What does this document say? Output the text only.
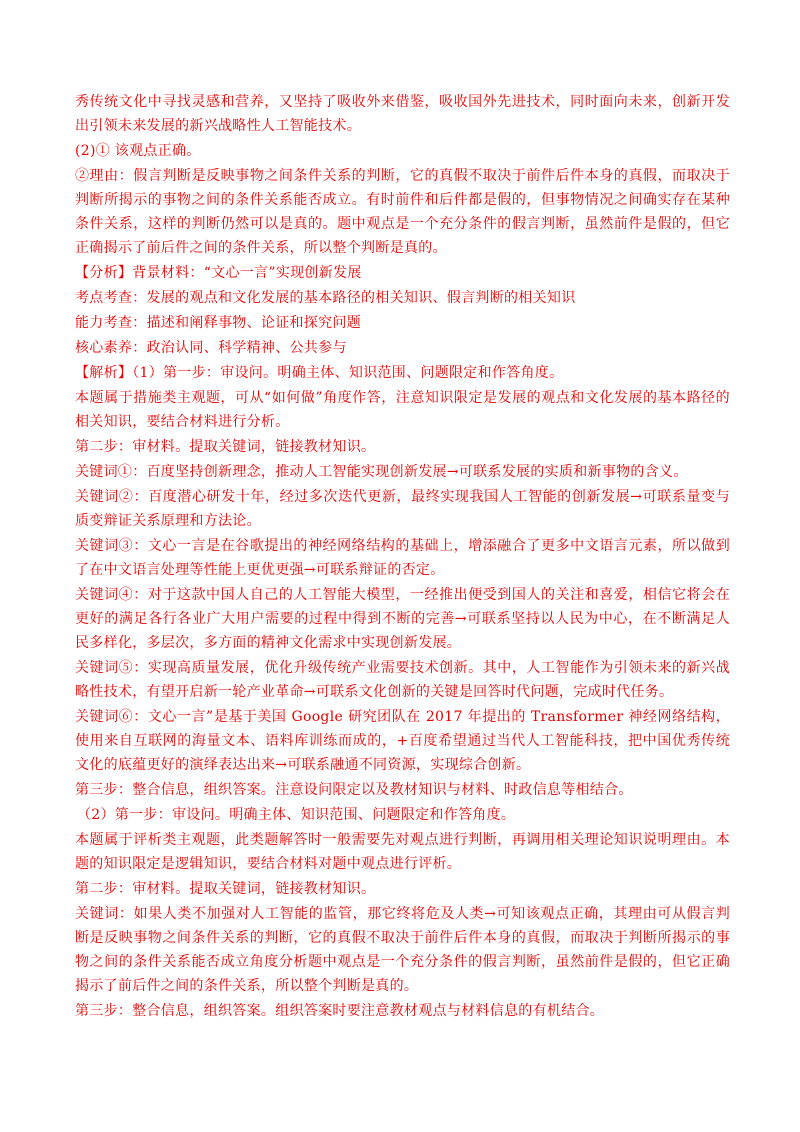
秀传统文化中寻找灵感和营养，又坚持了吸收外来借鉴，吸收国外先进技术，同时面向未来，创新开发出引领未来发展的新兴战略性人工智能技术。

(2)① 该观点正确。

②理由：假言判断是反映事物之间条件关系的判断，它的真假不取决于前件后件本身的真假，而取决于判断所揭示的事物之间的条件关系能否成立。有时前件和后件都是假的，但事物情况之间确实存在某种条件关系，这样的判断仍然可以是真的。题中观点是一个充分条件的假言判断，虽然前件是假的，但它正确揭示了前后件之间的条件关系，所以整个判断是真的。

【分析】背景材料：“文心一言”实现创新发展

考点考查：发展的观点和文化发展的基本路径的相关知识、假言判断的相关知识

能力考查：描述和阐释事物、论证和探究问题

核心素养：政治认同、科学精神、公共参与

【解析】（1）第一步：审设问。明确主体、知识范围、问题限定和作答角度。

本题属于措施类主观题，可从“如何做”角度作答，注意知识限定是发展的观点和文化发展的基本路径的相关知识，要结合材料进行分析。

第二步：审材料。提取关键词，链接教材知识。

关键词①：百度坚持创新理念，推动人工智能实现创新发展→可联系发展的实质和新事物的含义。

关键词②：百度潜心研发十年，经过多次迭代更新，最终实现我国人工智能的创新发展→可联系量变与质变辩证关系原理和方法论。

关键词③：文心一言是在谷歌提出的神经网络结构的基础上，增添融合了更多中文语言元素，所以做到了在中文语言处理等性能上更优更强→可联系辩证的否定。

关键词④：对于这款中国人自己的人工智能大模型，一经推出便受到国人的关注和喜爱，相信它将会在更好的满足各行各业广大用户需要的过程中得到不断的完善→可联系坚持以人民为中心，在不断满足人民多样化，多层次，多方面的精神文化需求中实现创新发展。

关键词⑤：实现高质量发展，优化升级传统产业需要技术创新。其中，人工智能作为引领未来的新兴战略性技术，有望开启新一轮产业革命→可联系文化创新的关键是回答时代问题，完成时代任务。

关键词⑥：文心一言”是基于美国 Google 研究团队在 2017 年提出的 Transformer 神经网络结构，使用来自互联网的海量文本、语料库训练而成的，+百度希望通过当代人工智能科技，把中国优秀传统文化的底蕴更好的演绎表达出来→可联系融通不同资源，实现综合创新。

第三步：整合信息，组织答案。注意设问限定以及教材知识与材料、时政信息等相结合。

（2）第一步：审设问。明确主体、知识范围、问题限定和作答角度。

本题属于评析类主观题，此类题解答时一般需要先对观点进行判断，再调用相关理论知识说明理由。本题的知识限定是逻辑知识，要结合材料对题中观点进行评析。

第二步：审材料。提取关键词，链接教材知识。

关键词：如果人类不加强对人工智能的监管，那它终将危及人类→可知该观点正确，其理由可从假言判断是反映事物之间条件关系的判断，它的真假不取决于前件后件本身的真假，而取决于判断所揭示的事物之间的条件关系能否成立角度分析题中观点是一个充分条件的假言判断，虽然前件是假的，但它正确揭示了前后件之间的条件关系，所以整个判断是真的。

第三步：整合信息，组织答案。组织答案时要注意教材观点与材料信息的有机结合。
